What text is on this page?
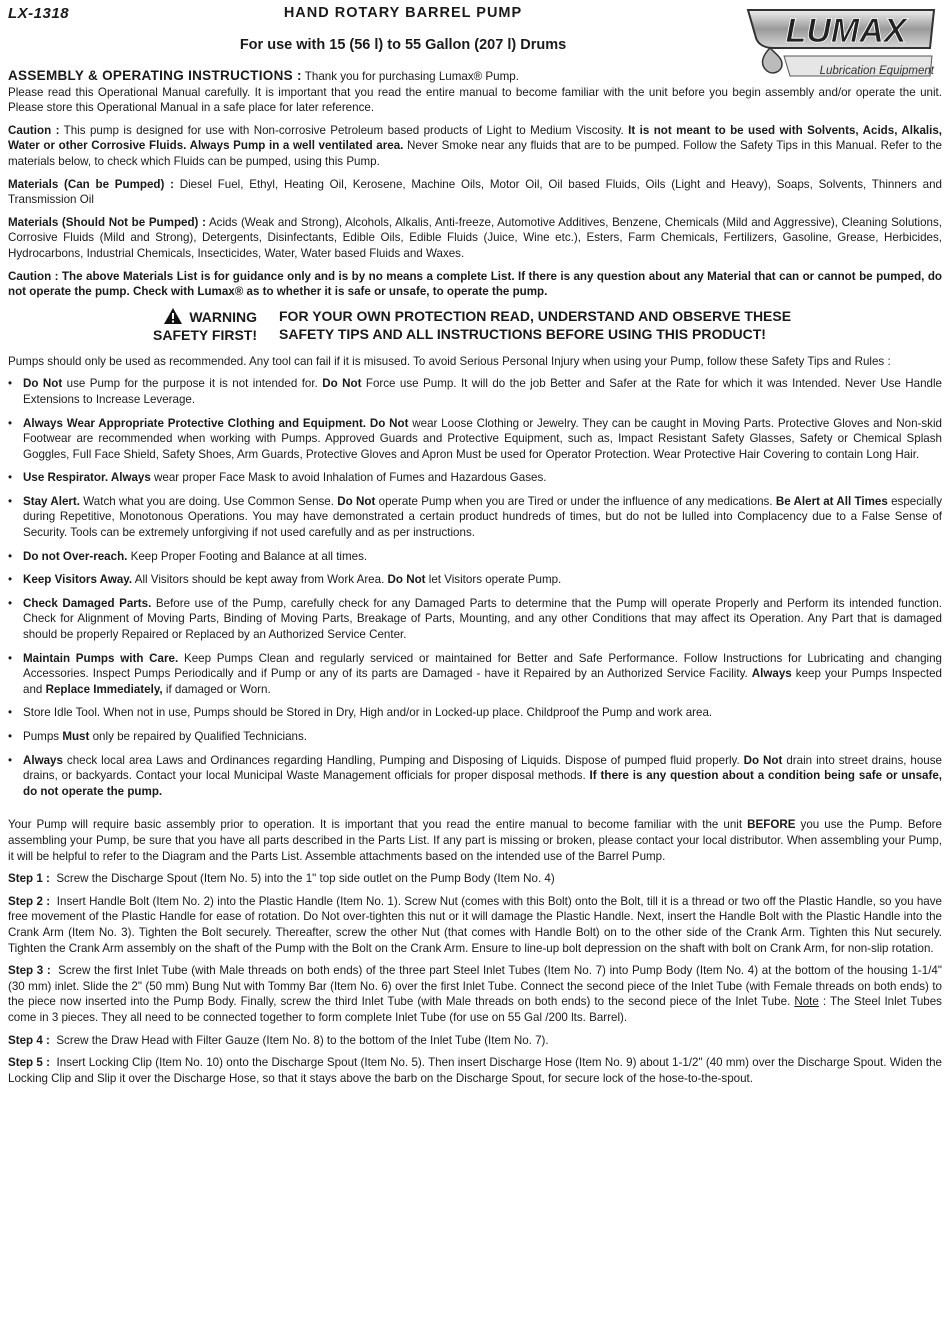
LX-1318	HAND ROTARY BARREL PUMP
For use with 15 (56 l) to 55 Gallon (207 l) Drums	LUMAX
Lubrication Equipment

ASSEMBLY & OPERATING INSTRUCTIONS : Thank you for purchasing Lumax® Pump.
Please read this Operational Manual carefully. It is important that you read the entire manual to become familiar with the unit before you begin assembly and/or operate the unit. Please store this Operational Manual in a safe place for later reference.

Caution : This pump is designed for use with Non-corrosive Petroleum based products of Light to Medium Viscosity. It is not meant to be used with Solvents, Acids, Alkalis, Water or other Corrosive Fluids. Always Pump in a well ventilated area. Never Smoke near any fluids that are to be pumped. Follow the Safety Tips in this Manual. Refer to the materials below, to check which Fluids can be pumped, using this Pump.

Materials (Can be Pumped) : Diesel Fuel, Ethyl, Heating Oil, Kerosene, Machine Oils, Motor Oil, Oil based Fluids, Oils (Light and Heavy), Soaps, Solvents, Thinners and Transmission Oil

Materials (Should Not be Pumped) : Acids (Weak and Strong), Alcohols, Alkalis, Anti-freeze, Automotive Additives, Benzene, Chemicals (Mild and Aggressive), Cleaning Solutions, Corrosive Fluids (Mild and Strong), Detergents, Disinfectants, Edible Oils, Edible Fluids (Juice, Wine etc.), Esters, Farm Chemicals, Fertilizers, Gasoline, Grease, Herbicides, Hydrocarbons, Industrial Chemicals, Insecticides, Water, Water based Fluids and Waxes.

Caution : The above Materials List is for guidance only and is by no means a complete List. If there is any question about any Material that can or cannot be pumped, do not operate the pump. Check with Lumax® as to whether it is safe or unsafe, to operate the pump.

WARNING
SAFETY FIRST!
FOR YOUR OWN PROTECTION READ, UNDERSTAND AND OBSERVE THESE
SAFETY TIPS AND ALL INSTRUCTIONS BEFORE USING THIS PRODUCT!

Pumps should only be used as recommended. Any tool can fail if it is misused. To avoid Serious Personal Injury when using your Pump, follow these Safety Tips and Rules :

• Do Not use Pump for the purpose it is not intended for. Do Not Force use Pump. It will do the job Better and Safer at the Rate for which it was Intended. Never Use Handle Extensions to Increase Leverage.
• Always Wear Appropriate Protective Clothing and Equipment. Do Not wear Loose Clothing or Jewelry. They can be caught in Moving Parts. Protective Gloves and Non-skid Footwear are recommended when working with Pumps. Approved Guards and Protective Equipment, such as, Impact Resistant Safety Glasses, Safety or Chemical Splash Goggles, Full Face Shield, Safety Shoes, Arm Guards, Protective Gloves and Apron Must be used for Operator Protection. Wear Protective Hair Covering to contain Long Hair.
• Use Respirator. Always wear proper Face Mask to avoid Inhalation of Fumes and Hazardous Gases.
• Stay Alert. Watch what you are doing. Use Common Sense. Do Not operate Pump when you are Tired or under the influence of any medications. Be Alert at All Times especially during Repetitive, Monotonous Operations. You may have demonstrated a certain product hundreds of times, but do not be lulled into Complacency due to a False Sense of Security. Tools can be extremely unforgiving if not used carefully and as per instructions.
• Do not Over-reach. Keep Proper Footing and Balance at all times.
• Keep Visitors Away. All Visitors should be kept away from Work Area. Do Not let Visitors operate Pump.
• Check Damaged Parts. Before use of the Pump, carefully check for any Damaged Parts to determine that the Pump will operate Properly and Perform its intended function. Check for Alignment of Moving Parts, Binding of Moving Parts, Breakage of Parts, Mounting, and any other Conditions that may affect its Operation. Any Part that is damaged should be properly Repaired or Replaced by an Authorized Service Center.
• Maintain Pumps with Care. Keep Pumps Clean and regularly serviced or maintained for Better and Safe Performance. Follow Instructions for Lubricating and changing Accessories. Inspect Pumps Periodically and if Pump or any of its parts are Damaged - have it Repaired by an Authorized Service Facility. Always keep your Pumps Inspected and Replace Immediately, if damaged or Worn.
• Store Idle Tool. When not in use, Pumps should be Stored in Dry, High and/or in Locked-up place. Childproof the Pump and work area.
• Pumps Must only be repaired by Qualified Technicians.
• Always check local area Laws and Ordinances regarding Handling, Pumping and Disposing of Liquids. Dispose of pumped fluid properly. Do Not drain into street drains, house drains, or backyards. Contact your local Municipal Waste Management officials for proper disposal methods. If there is any question about a condition being safe or unsafe, do not operate the pump.

Your Pump will require basic assembly prior to operation. It is important that you read the entire manual to become familiar with the unit BEFORE you use the Pump. Before assembling your Pump, be sure that you have all parts described in the Parts List. If any part is missing or broken, please contact your local distributor. When assembling your Pump, it will be helpful to refer to the Diagram and the Parts List. Assemble attachments based on the intended use of the Barrel Pump.

Step 1 : Screw the Discharge Spout (Item No. 5) into the 1" top side outlet on the Pump Body (Item No. 4)

Step 2 : Insert Handle Bolt (Item No. 2) into the Plastic Handle (Item No. 1). Screw Nut (comes with this Bolt) onto the Bolt, till it is a thread or two off the Plastic Handle, so you have free movement of the Plastic Handle for ease of rotation. Do Not over-tighten this nut or it will damage the Plastic Handle. Next, insert the Handle Bolt with the Plastic Handle into the Crank Arm (Item No. 3). Tighten the Bolt securely. Thereafter, screw the other Nut (that comes with Handle Bolt) on to the other side of the Crank Arm. Tighten this Nut securely. Tighten the Crank Arm assembly on the shaft of the Pump with the Bolt on the Crank Arm. Ensure to line-up bolt depression on the shaft with bolt on Crank Arm, for non-slip rotation.

Step 3 : Screw the first Inlet Tube (with Male threads on both ends) of the three part Steel Inlet Tubes (Item No. 7) into Pump Body (Item No. 4) at the bottom of the housing 1-1/4" (30 mm) inlet. Slide the 2" (50 mm) Bung Nut with Tommy Bar (Item No. 6) over the first Inlet Tube. Connect the second piece of the Inlet Tube (with Female threads on both ends) to the piece now inserted into the Pump Body. Finally, screw the third Inlet Tube (with Male threads on both ends) to the second piece of the Inlet Tube. Note : The Steel Inlet Tubes come in 3 pieces. They all need to be connected together to form complete Inlet Tube (for use on 55 Gal /200 lts. Barrel).

Step 4 : Screw the Draw Head with Filter Gauze (Item No. 8) to the bottom of the Inlet Tube (Item No. 7).

Step 5 : Insert Locking Clip (Item No. 10) onto the Discharge Spout (Item No. 5). Then insert Discharge Hose (Item No. 9) about 1-1/2" (40 mm) over the Discharge Spout. Widen the Locking Clip and Slip it over the Discharge Hose, so that it stays above the barb on the Discharge Spout, for secure lock of the hose-to-the-spout.
